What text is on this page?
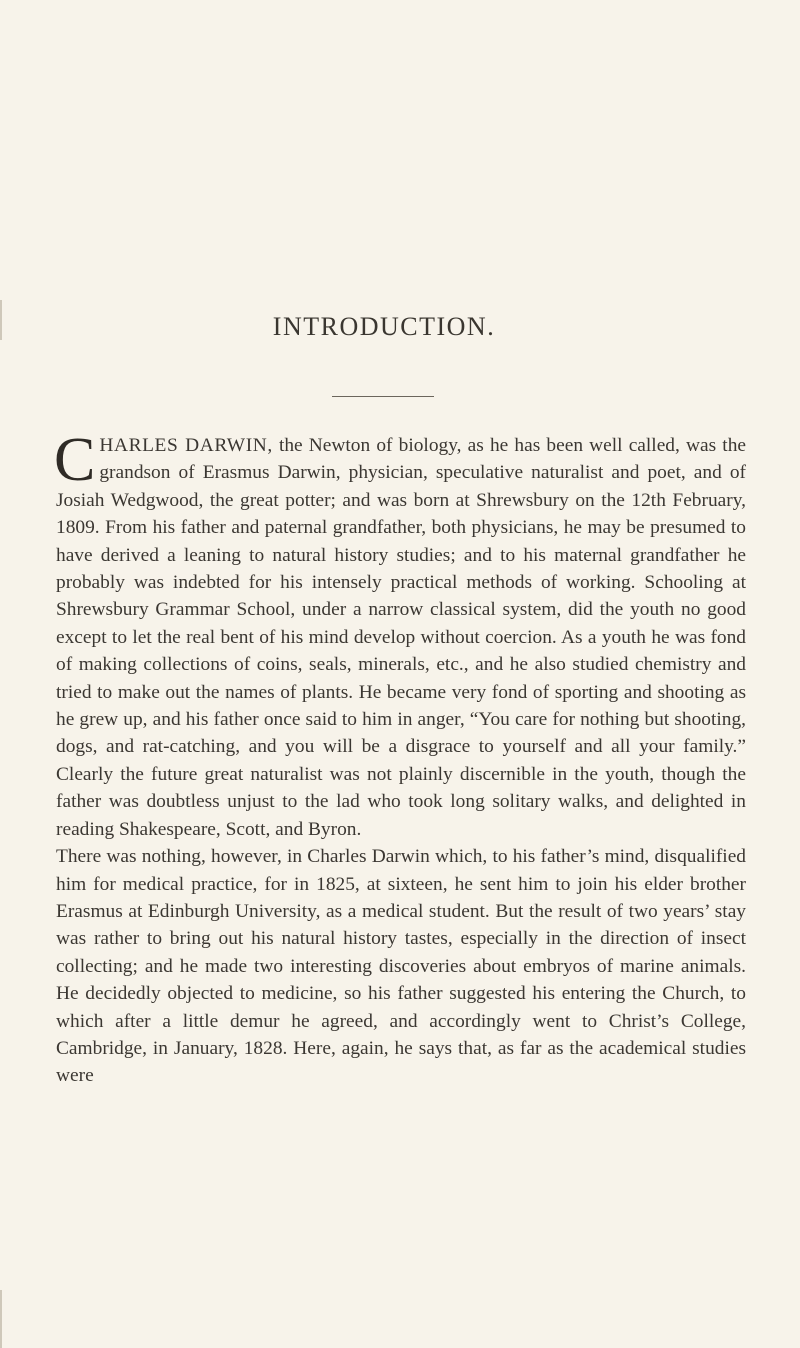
INTRODUCTION.

CHARLES DARWIN, the Newton of biology, as he has been well called, was the grandson of Erasmus Darwin, physician, speculative naturalist and poet, and of Josiah Wedgwood, the great potter; and was born at Shrewsbury on the 12th February, 1809. From his father and paternal grandfather, both physicians, he may be presumed to have derived a leaning to natural history studies; and to his maternal grandfather he probably was indebted for his intensely practical methods of working. Schooling at Shrewsbury Grammar School, under a narrow classical system, did the youth no good except to let the real bent of his mind develop without coercion. As a youth he was fond of making collections of coins, seals, minerals, etc., and he also studied chemistry and tried to make out the names of plants. He became very fond of sporting and shooting as he grew up, and his father once said to him in anger, “You care for nothing but shooting, dogs, and rat-catching, and you will be a disgrace to yourself and all your family.” Clearly the future great naturalist was not plainly discernible in the youth, though the father was doubtless unjust to the lad who took long solitary walks, and delighted in reading Shakespeare, Scott, and Byron.

There was nothing, however, in Charles Darwin which, to his father’s mind, disqualified him for medical practice, for in 1825, at sixteen, he sent him to join his elder brother Erasmus at Edinburgh University, as a medical student. But the result of two years’ stay was rather to bring out his natural history tastes, especially in the direction of insect collecting; and he made two interesting discoveries about embryos of marine animals. He decidedly objected to medicine, so his father suggested his entering the Church, to which after a little demur he agreed, and accordingly went to Christ’s College, Cambridge, in January, 1828. Here, again, he says that, as far as the academical studies were
